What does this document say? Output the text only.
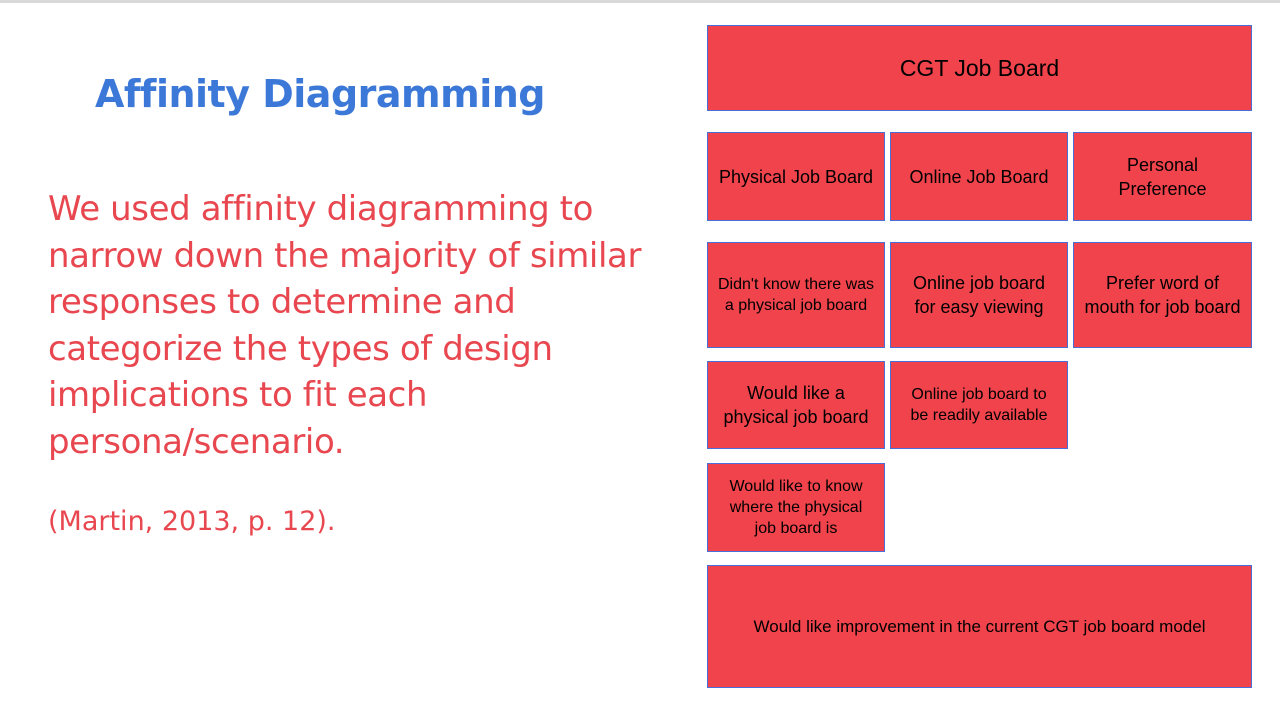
Affinity Diagramming
We used affinity diagramming to narrow down the majority of similar responses to determine and categorize the types of design implications to fit each persona/scenario.
(Martin, 2013, p. 12).
CGT Job Board
Physical Job Board	Online Job Board
Personal Preference
Didn't know there was a physical job board
Online job board for easy viewing
Prefer word of mouth for job board
Would like a physical job board
Online job board to be readily available
Would like to know where the physical job board is
Would like improvement in the current CGT job board model
